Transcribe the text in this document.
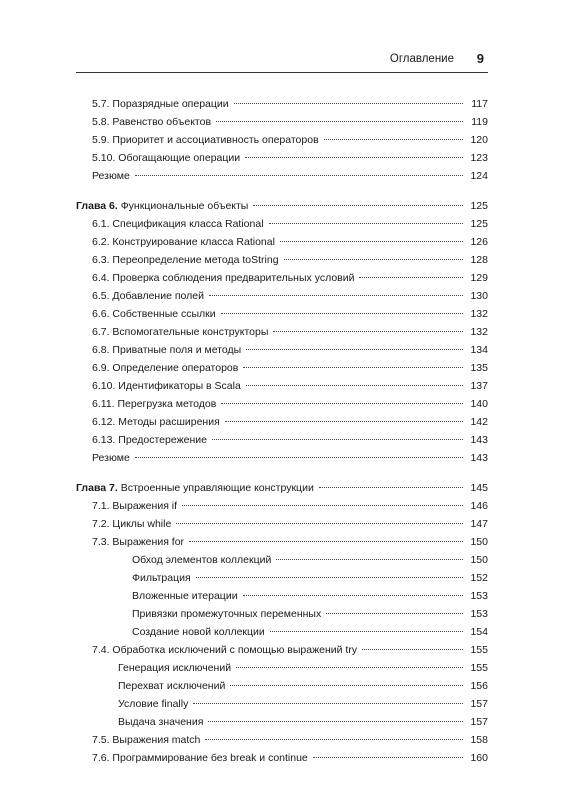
Оглавление 9
5.7. Поразрядные операции	117
5.8. Равенство объектов	119
5.9. Приоритет и ассоциативность операторов	120
5.10. Обогащающие операции	123
Резюме	124
Глава 6. Функциональные объекты	125
6.1. Спецификация класса Rational	125
6.2. Конструирование класса Rational	126
6.3. Переопределение метода toString	128
6.4. Проверка соблюдения предварительных условий	129
6.5. Добавление полей	130
6.6. Собственные ссылки	132
6.7. Вспомогательные конструкторы	132
6.8. Приватные поля и методы	134
6.9. Определение операторов	135
6.10. Идентификаторы в Scala	137
6.11. Перегрузка методов	140
6.12. Методы расширения	142
6.13. Предостережение	143
Резюме	143
Глава 7. Встроенные управляющие конструкции	145
7.1. Выражения if	146
7.2. Циклы while	147
7.3. Выражения for	150
Обход элементов коллекций	150
Фильтрация	152
Вложенные итерации	153
Привязки промежуточных переменных	153
Создание новой коллекции	154
7.4. Обработка исключений с помощью выражений try	155
Генерация исключений	155
Перехват исключений	156
Условие finally	157
Выдача значения	157
7.5. Выражения match	158
7.6. Программирование без break и continue	160
